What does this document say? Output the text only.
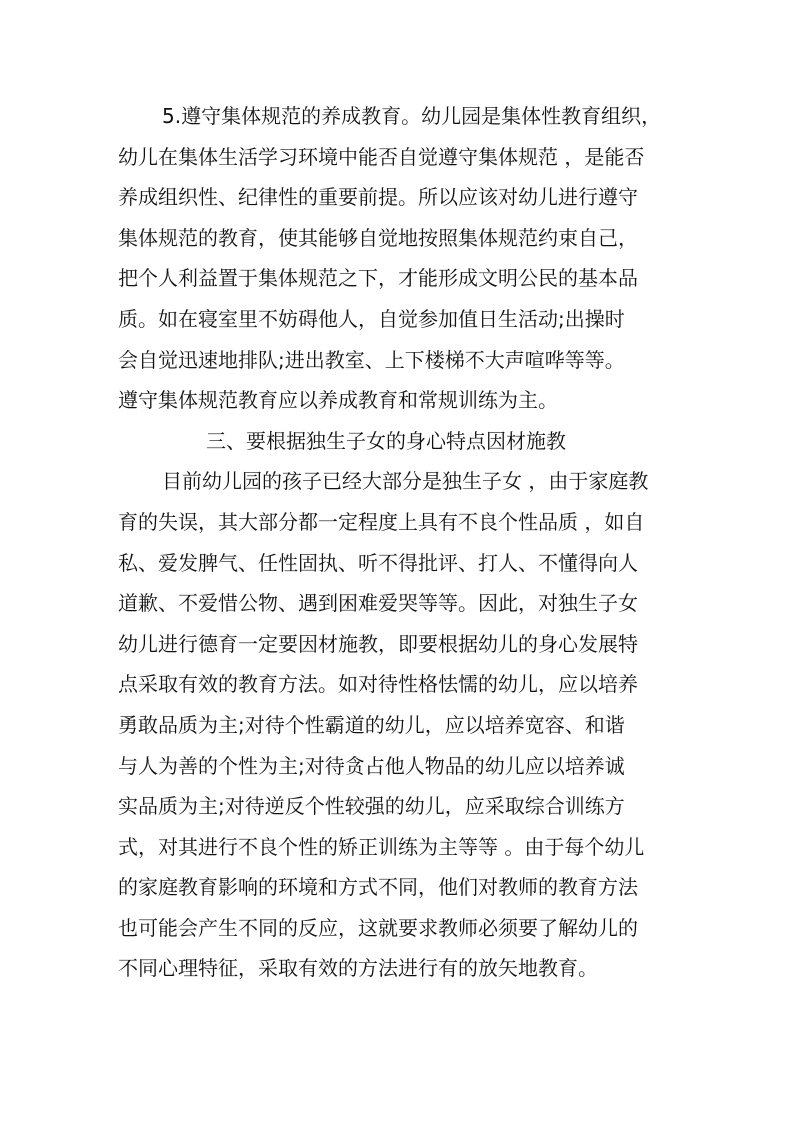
5.遵守集体规范的养成教育。幼儿园是集体性教育组织，
幼儿在集体生活学习环境中能否自觉遵守集体规范 ，是能否
养成组织性、纪律性的重要前提。所以应该对幼儿进行遵守
集体规范的教育，使其能够自觉地按照集体规范约束自己，
把个人利益置于集体规范之下，才能形成文明公民的基本品
质。如在寝室里不妨碍他人，自觉参加值日生活动;出操时
会自觉迅速地排队;进出教室、上下楼梯不大声喧哗等等。
遵守集体规范教育应以养成教育和常规训练为主。
三、要根据独生子女的身心特点因材施教
目前幼儿园的孩子已经大部分是独生子女 ，由于家庭教
育的失误，其大部分都一定程度上具有不良个性品质 ，如自
私、爱发脾气、任性固执、听不得批评、打人、不懂得向人
道歉、不爱惜公物、遇到困难爱哭等等。因此，对独生子女
幼儿进行德育一定要因材施教，即要根据幼儿的身心发展特
点采取有效的教育方法。如对待性格怯懦的幼儿，应以培养
勇敢品质为主;对待个性霸道的幼儿，应以培养宽容、和谐
与人为善的个性为主;对待贪占他人物品的幼儿应以培养诚
实品质为主;对待逆反个性较强的幼儿，应采取综合训练方
式，对其进行不良个性的矫正训练为主等等 。由于每个幼儿
的家庭教育影响的环境和方式不同，他们对教师的教育方法
也可能会产生不同的反应，这就要求教师必须要了解幼儿的
不同心理特征，采取有效的方法进行有的放矢地教育。
